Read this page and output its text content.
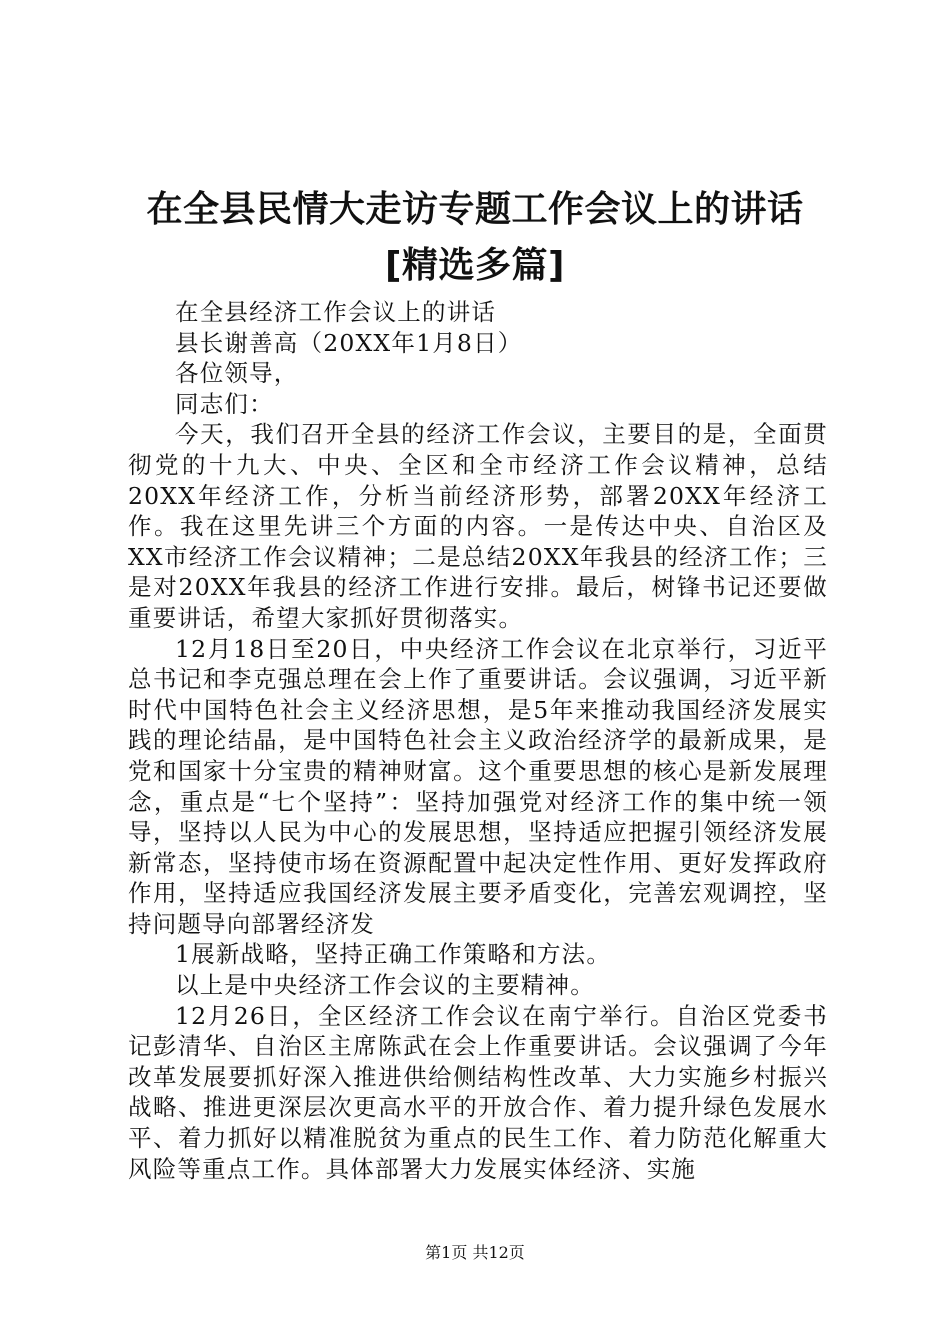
在全县民情大走访专题工作会议上的讲话[精选多篇]

在全县经济工作会议上的讲话

县长谢善高（20XX年1月8日）

各位领导，

同志们：

今天，我们召开全县的经济工作会议，主要目的是，全面贯彻党的十九大、中央、全区和全市经济工作会议精神，总结20XX年经济工作，分析当前经济形势，部署20XX年经济工作。我在这里先讲三个方面的内容。一是传达中央、自治区及XX市经济工作会议精神；二是总结20XX年我县的经济工作；三是对20XX年我县的经济工作进行安排。最后，树锋书记还要做重要讲话，希望大家抓好贯彻落实。

12月18日至20日，中央经济工作会议在北京举行，习近平总书记和李克强总理在会上作了重要讲话。会议强调，习近平新时代中国特色社会主义经济思想，是5年来推动我国经济发展实践的理论结晶，是中国特色社会主义政治经济学的最新成果，是党和国家十分宝贵的精神财富。这个重要思想的核心是新发展理念，重点是“七个坚持”：坚持加强党对经济工作的集中统一领导，坚持以人民为中心的发展思想，坚持适应把握引领经济发展新常态，坚持使市场在资源配置中起决定性作用、更好发挥政府作用，坚持适应我国经济发展主要矛盾变化，完善宏观调控，坚持问题导向部署经济发

1展新战略，坚持正确工作策略和方法。

以上是中央经济工作会议的主要精神。

12月26日，全区经济工作会议在南宁举行。自治区党委书记彭清华、自治区主席陈武在会上作重要讲话。会议强调了今年改革发展要抓好深入推进供给侧结构性改革、大力实施乡村振兴战略、推进更深层次更高水平的开放合作、着力提升绿色发展水平、着力抓好以精准脱贫为重点的民生工作、着力防范化解重大风险等重点工作。具体部署大力发展实体经济、实施

第1页 共12页
